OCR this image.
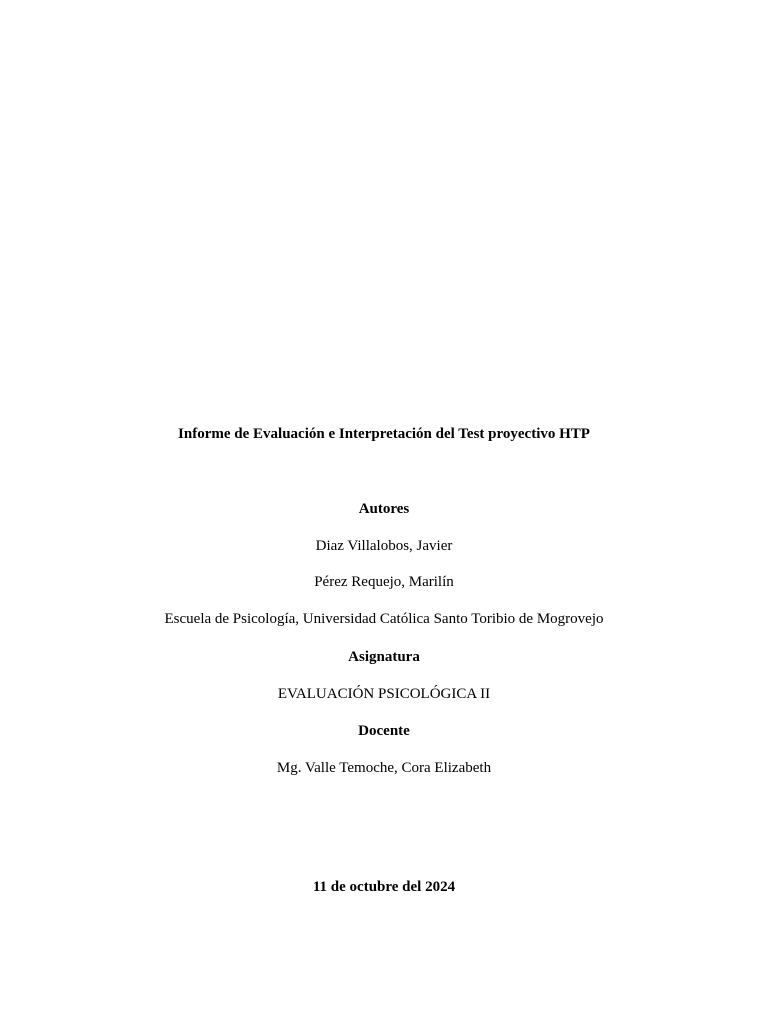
Informe de Evaluación e Interpretación del Test proyectivo HTP
Autores
Diaz Villalobos, Javier
Pérez Requejo, Marilín
Escuela de Psicología, Universidad Católica Santo Toribio de Mogrovejo
Asignatura
EVALUACIÓN PSICOLÓGICA II
Docente
Mg. Valle Temoche, Cora Elizabeth
11 de octubre del 2024
